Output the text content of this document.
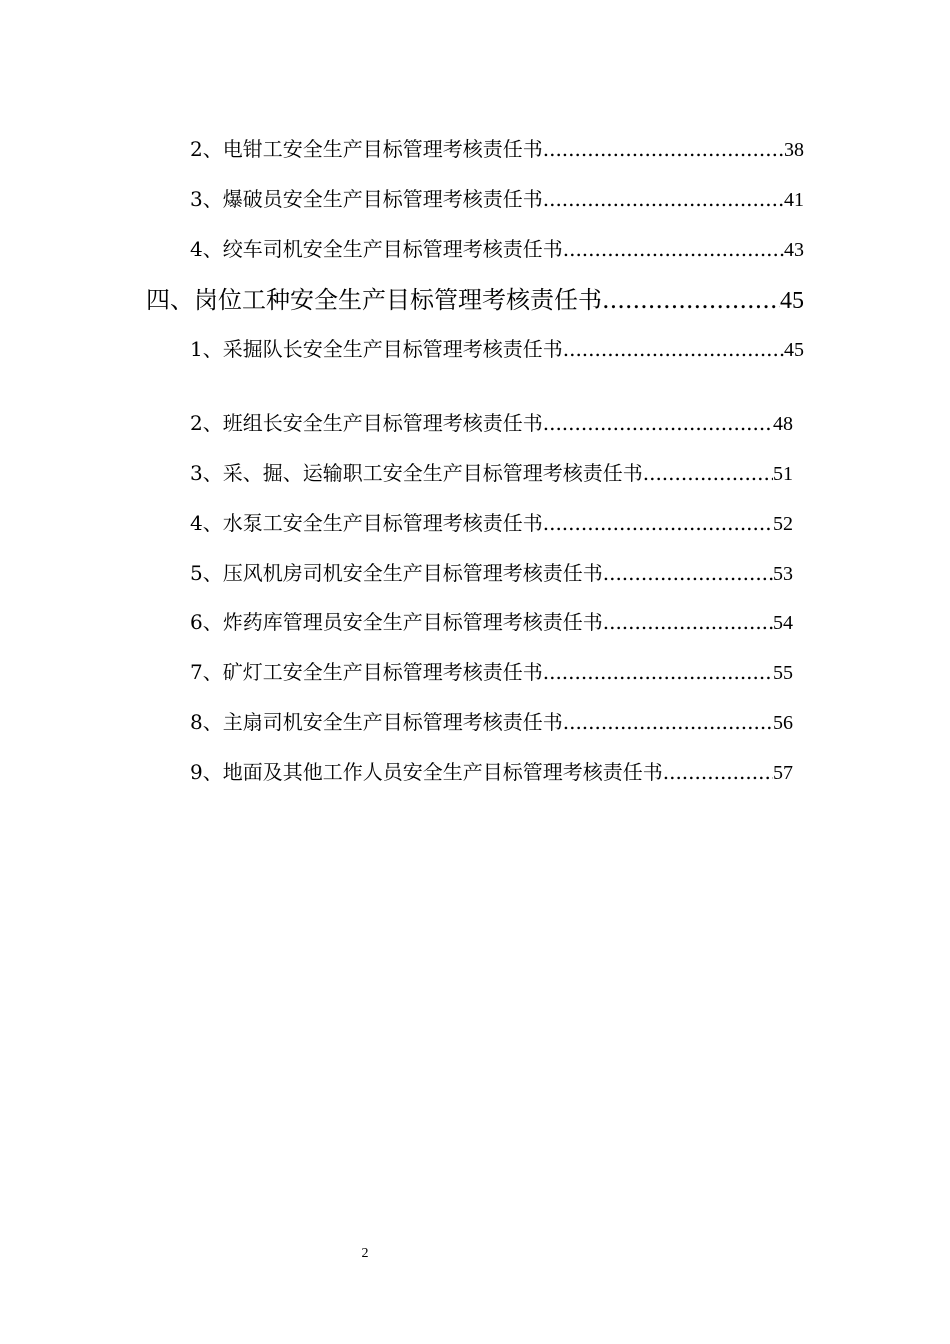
2、电钳工安全生产目标管理考核责任书 .....	38
3、爆破员安全生产目标管理考核责任书 .....	41
4、绞车司机安全生产目标管理考核责任书 .....	43
四、岗位工种安全生产目标管理考核责任书 .....	45
1、采掘队长安全生产目标管理考核责任书 .....	45
2、班组长安全生产目标管理考核责任书 .....	48
3、采、掘、运输职工安全生产目标管理考核责任书 .....	51
4、水泵工安全生产目标管理考核责任书 .....	52
5、压风机房司机安全生产目标管理考核责任书 .....	53
6、炸药库管理员安全生产目标管理考核责任书 .....	54
7、矿灯工安全生产目标管理考核责任书 .....	55
8、主扇司机安全生产目标管理考核责任书 .....	56
9、地面及其他工作人员安全生产目标管理考核责任书 .....	57
2
